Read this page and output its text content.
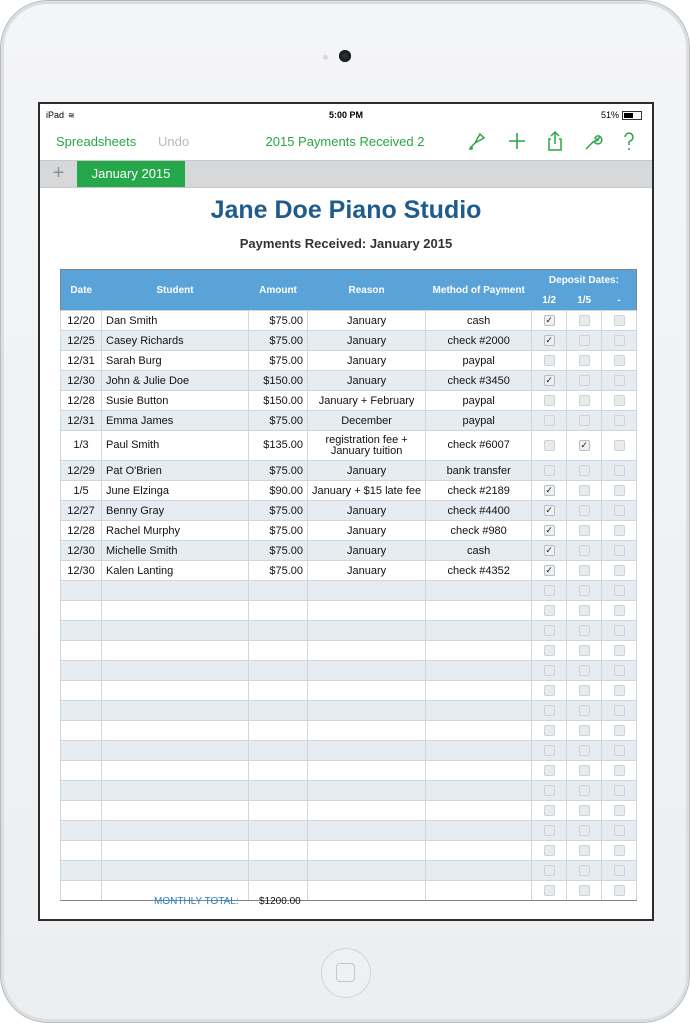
iPad ≋	5:00 PM	51%
Spreadsheets Undo	2015 Payments Received 2
+	January 2015
Jane Doe Piano Studio
Payments Received: January 2015
Date	Student	Amount	Reason	Method of Payment	Deposit Dates:		
					1/2	1/5	-
12/20	Dan Smith	$75.00	January	cash	✓		
12/25	Casey Richards	$75.00	January	check #2000	✓		
12/31	Sarah Burg	$75.00	January	paypal			
12/30	John & Julie Doe	$150.00	January	check #3450	✓		
12/28	Susie Button	$150.00	January + February	paypal			
12/31	Emma James	$75.00	December	paypal			
1/3	Paul Smith	$135.00	registration fee + January tuition	check #6007		✓	
12/29	Pat O'Brien	$75.00	January	bank transfer			
1/5	June Elzinga	$90.00	January + $15 late fee	check #2189	✓		
12/27	Benny Gray	$75.00	January	check #4400	✓		
12/28	Rachel Murphy	$75.00	January	check #980	✓		
12/30	Michelle Smith	$75.00	January	cash	✓		
12/30	Kalen Lanting	$75.00	January	check #4352	✓		

MONTHLY TOTAL: $1200.00
